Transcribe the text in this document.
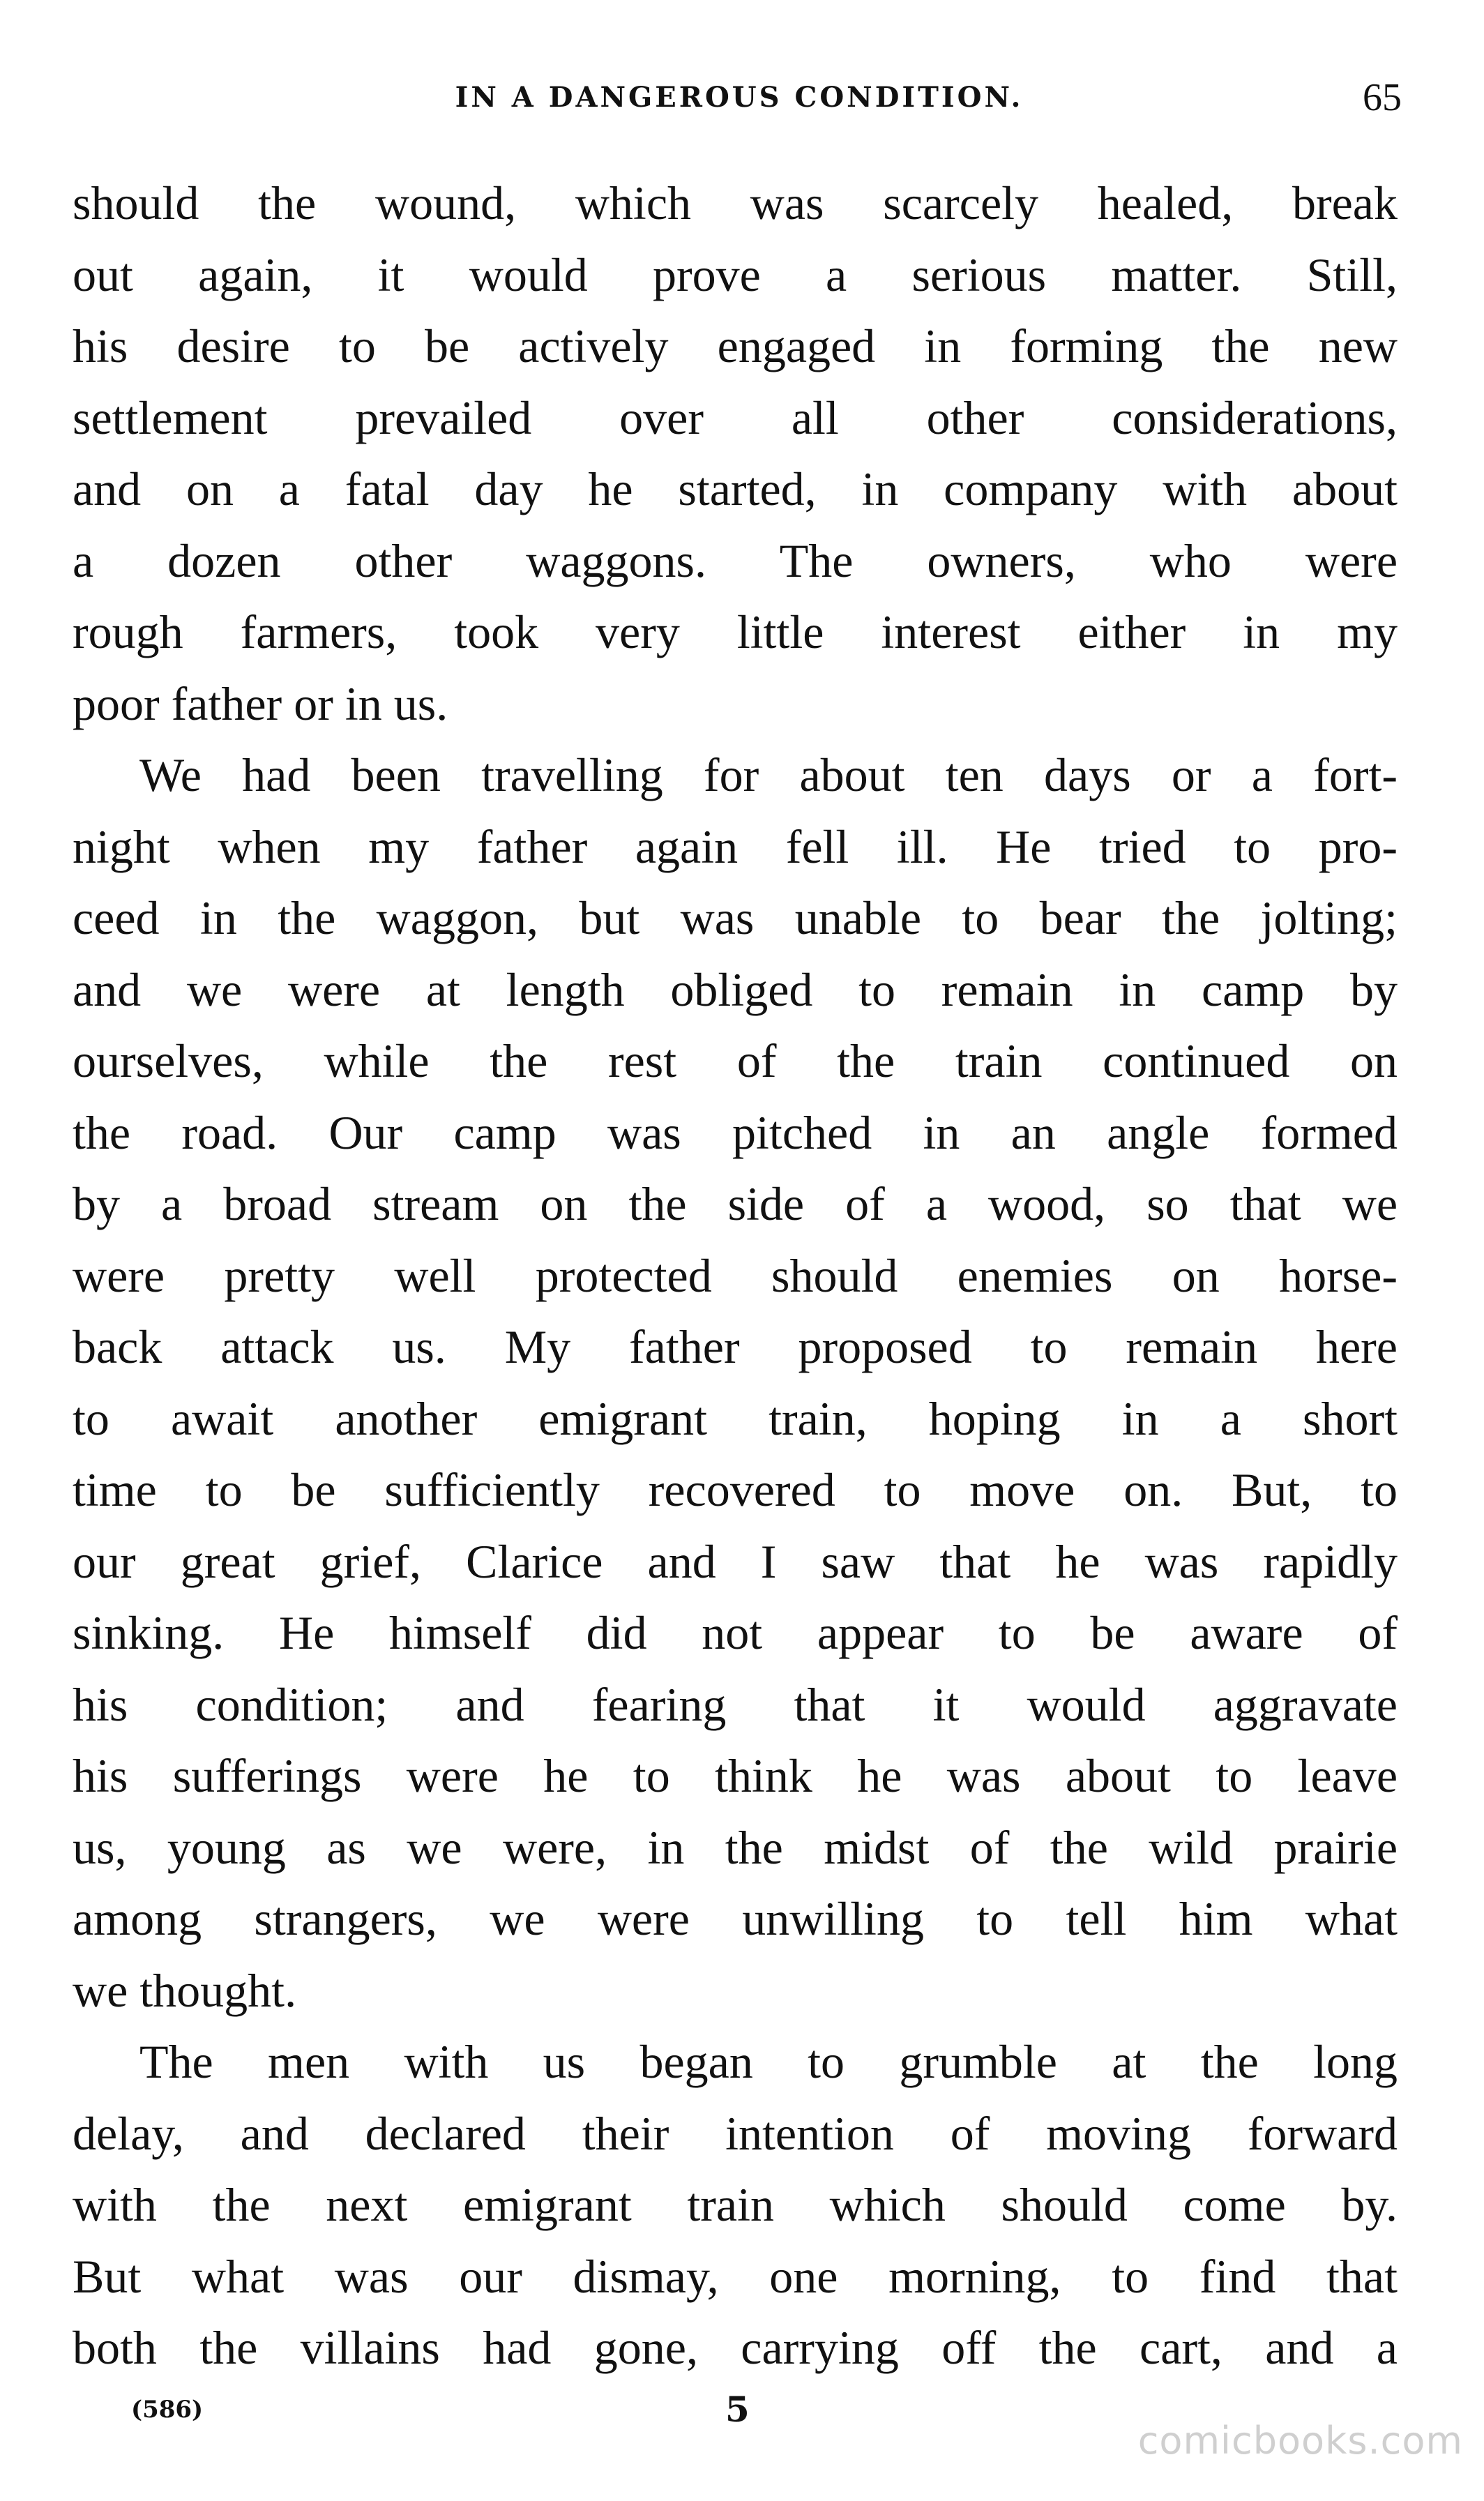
IN A DANGEROUS CONDITION.	65

should the wound, which was scarcely healed, break
out again, it would prove a serious matter. Still,
his desire to be actively engaged in forming the new
settlement prevailed over all other considerations,
and on a fatal day he started, in company with about
a dozen other waggons. The owners, who were
rough farmers, took very little interest either in my
poor father or in us.

We had been travelling for about ten days or a fort-
night when my father again fell ill. He tried to pro-
ceed in the waggon, but was unable to bear the jolting;
and we were at length obliged to remain in camp by
ourselves, while the rest of the train continued on
the road. Our camp was pitched in an angle formed
by a broad stream on the side of a wood, so that we
were pretty well protected should enemies on horse-
back attack us. My father proposed to remain here
to await another emigrant train, hoping in a short
time to be sufficiently recovered to move on. But, to
our great grief, Clarice and I saw that he was rapidly
sinking. He himself did not appear to be aware of
his condition; and fearing that it would aggravate
his sufferings were he to think he was about to leave
us, young as we were, in the midst of the wild prairie
among strangers, we were unwilling to tell him what
we thought.

The men with us began to grumble at the long
delay, and declared their intention of moving forward
with the next emigrant train which should come by.
But what was our dismay, one morning, to find that
both the villains had gone, carrying off the cart, and a

(586)	5
comicbooks.com
